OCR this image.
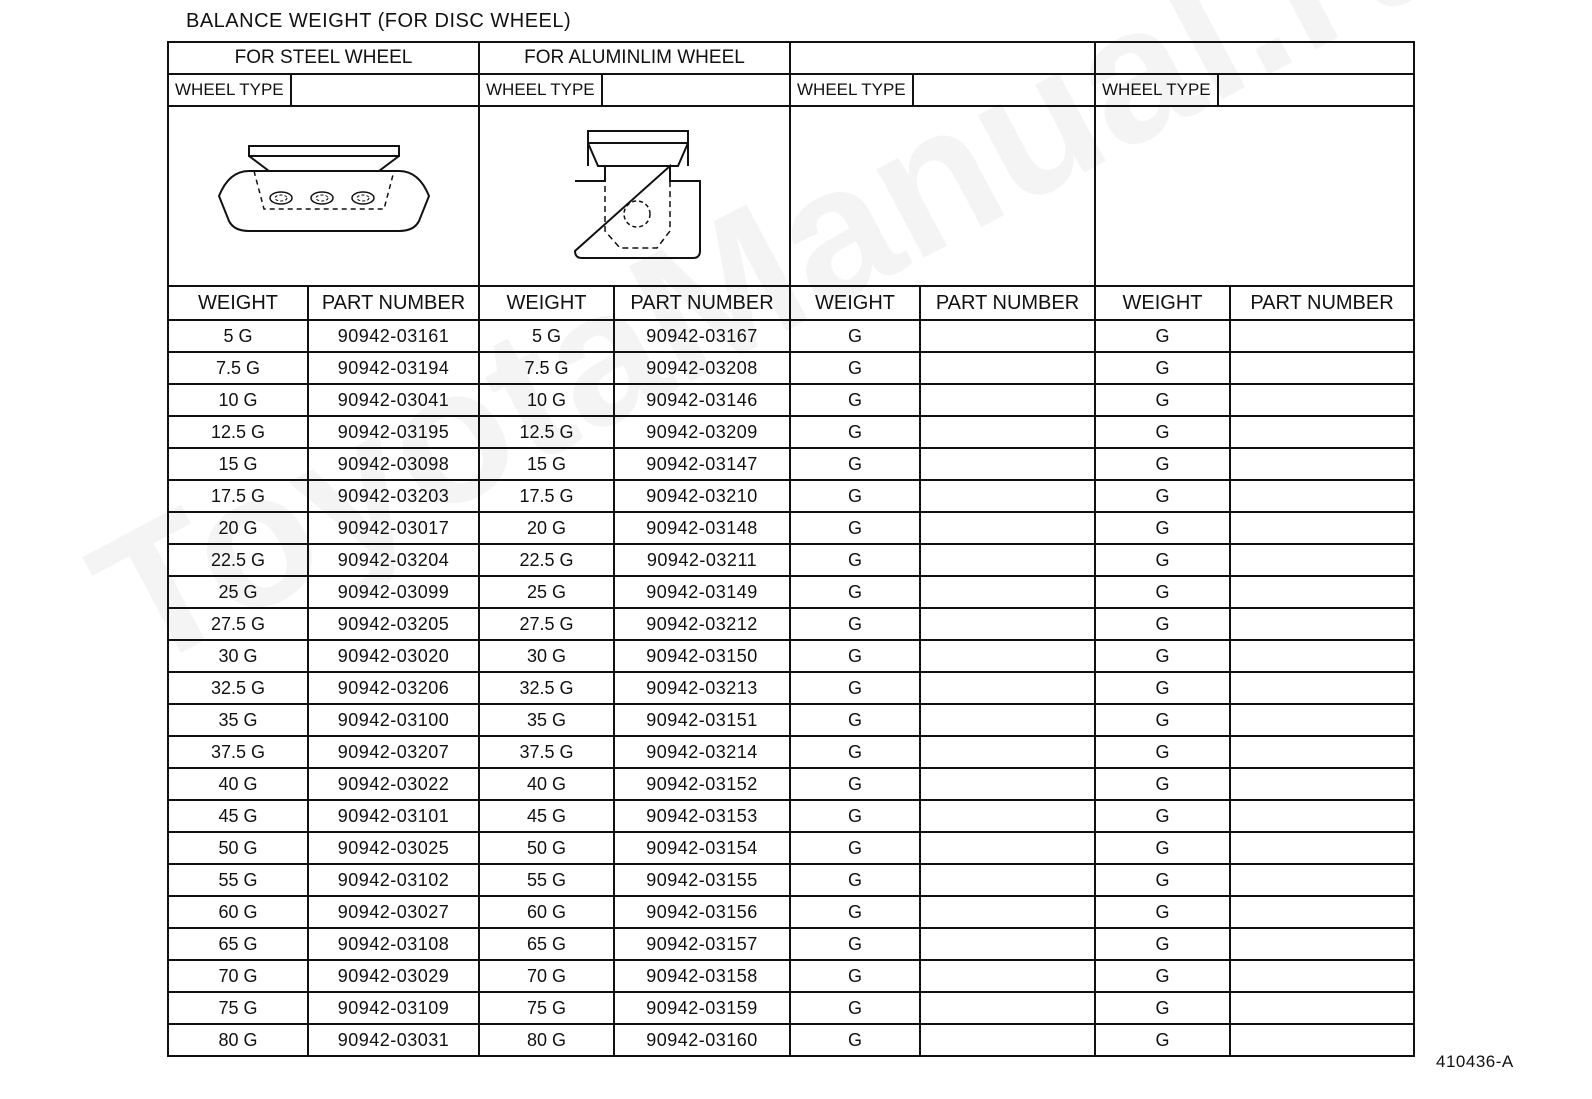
BALANCE WEIGHT (FOR DISC WHEEL)
FOR STEEL WHEEL		FOR ALUMINLIM WHEEL					

WHEEL TYPE		WHEEL TYPE		WHEEL TYPE		WHEEL TYPE	

WEIGHT	PART NUMBER	WEIGHT	PART NUMBER	WEIGHT	PART NUMBER	WEIGHT	PART NUMBER
5 G	90942-03161	5 G	90942-03167	G		G	
7.5 G	90942-03194	7.5 G	90942-03208	G		G	
10 G	90942-03041	10 G	90942-03146	G		G	
12.5 G	90942-03195	12.5 G	90942-03209	G		G	
15 G	90942-03098	15 G	90942-03147	G		G	
17.5 G	90942-03203	17.5 G	90942-03210	G		G	
20 G	90942-03017	20 G	90942-03148	G		G	
22.5 G	90942-03204	22.5 G	90942-03211	G		G	
25 G	90942-03099	25 G	90942-03149	G		G	
27.5 G	90942-03205	27.5 G	90942-03212	G		G	
30 G	90942-03020	30 G	90942-03150	G		G	
32.5 G	90942-03206	32.5 G	90942-03213	G		G	
35 G	90942-03100	35 G	90942-03151	G		G	
37.5 G	90942-03207	37.5 G	90942-03214	G		G	
40 G	90942-03022	40 G	90942-03152	G		G	
45 G	90942-03101	45 G	90942-03153	G		G	
50 G	90942-03025	50 G	90942-03154	G		G	
55 G	90942-03102	55 G	90942-03155	G		G	
60 G	90942-03027	60 G	90942-03156	G		G	
65 G	90942-03108	65 G	90942-03157	G		G	
70 G	90942-03029	70 G	90942-03158	G		G	
75 G	90942-03109	75 G	90942-03159	G		G	
80 G	90942-03031	80 G	90942-03160	G		G	
410436-A
